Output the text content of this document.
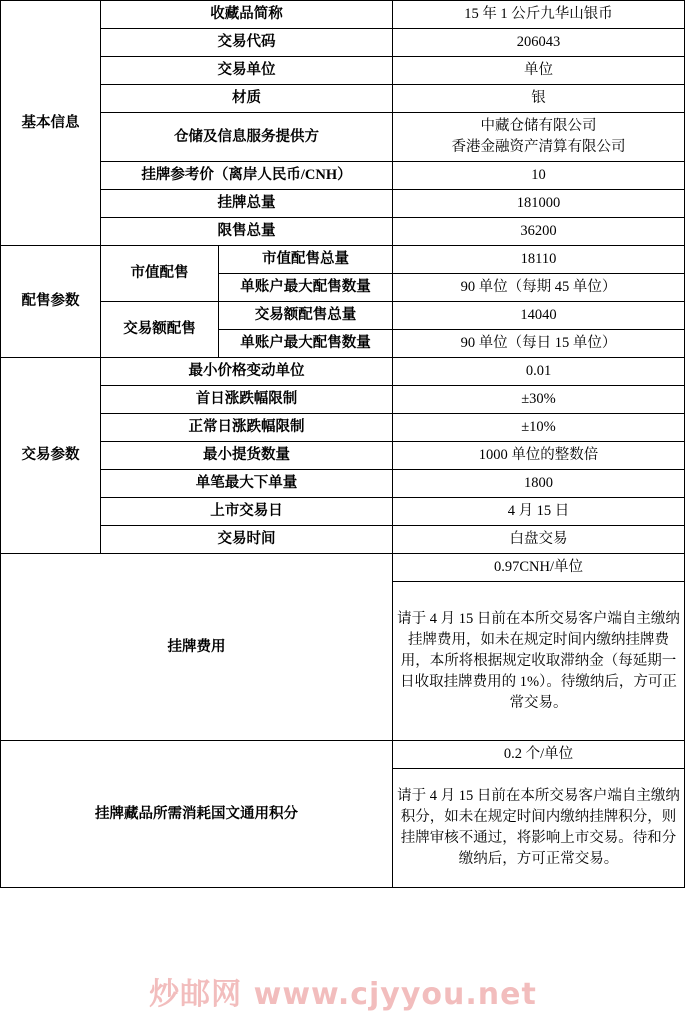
基本信息	收藏品简称		15 年 1 公斤九华山银币
	交易代码		206043
	交易单位		单位
	材质		银
	仓储及信息服务提供方		中藏仓储有限公司
香港金融资产清算有限公司

	挂牌参考价（离岸人民币/CNH）		10
	挂牌总量		181000
	限售总量		36200
配售参数	市值配售	市值配售总量	18110
		单账户最大配售数量	90 单位（每期 45 单位）
	交易额配售	交易额配售总量	14040
		单账户最大配售数量	90 单位（每日 15 单位）
交易参数	最小价格变动单位		0.01
	首日涨跌幅限制		±30%
	正常日涨跌幅限制		±10%
	最小提货数量		1000 单位的整数倍
	单笔最大下单量		1800
	上市交易日		4 月 15 日
	交易时间		白盘交易
挂牌费用			0.97CNH/单位
			请于 4 月 15 日前在本所交易客户端自主缴纳挂牌费用，如未在规定时间内缴纳挂牌费用，本所将根据规定收取滞纳金（每延期一日收取挂牌费用的 1%）。待缴纳后，方可正常交易。
挂牌藏品所需消耗国文通用积分			0.2 个/单位
			请于 4 月 15 日前在本所交易客户端自主缴纳积分，如未在规定时间内缴纳挂牌积分，则挂牌审核不通过，将影响上市交易。待和分缴纳后，方可正常交易。
炒邮网 www.cjyyou.net
